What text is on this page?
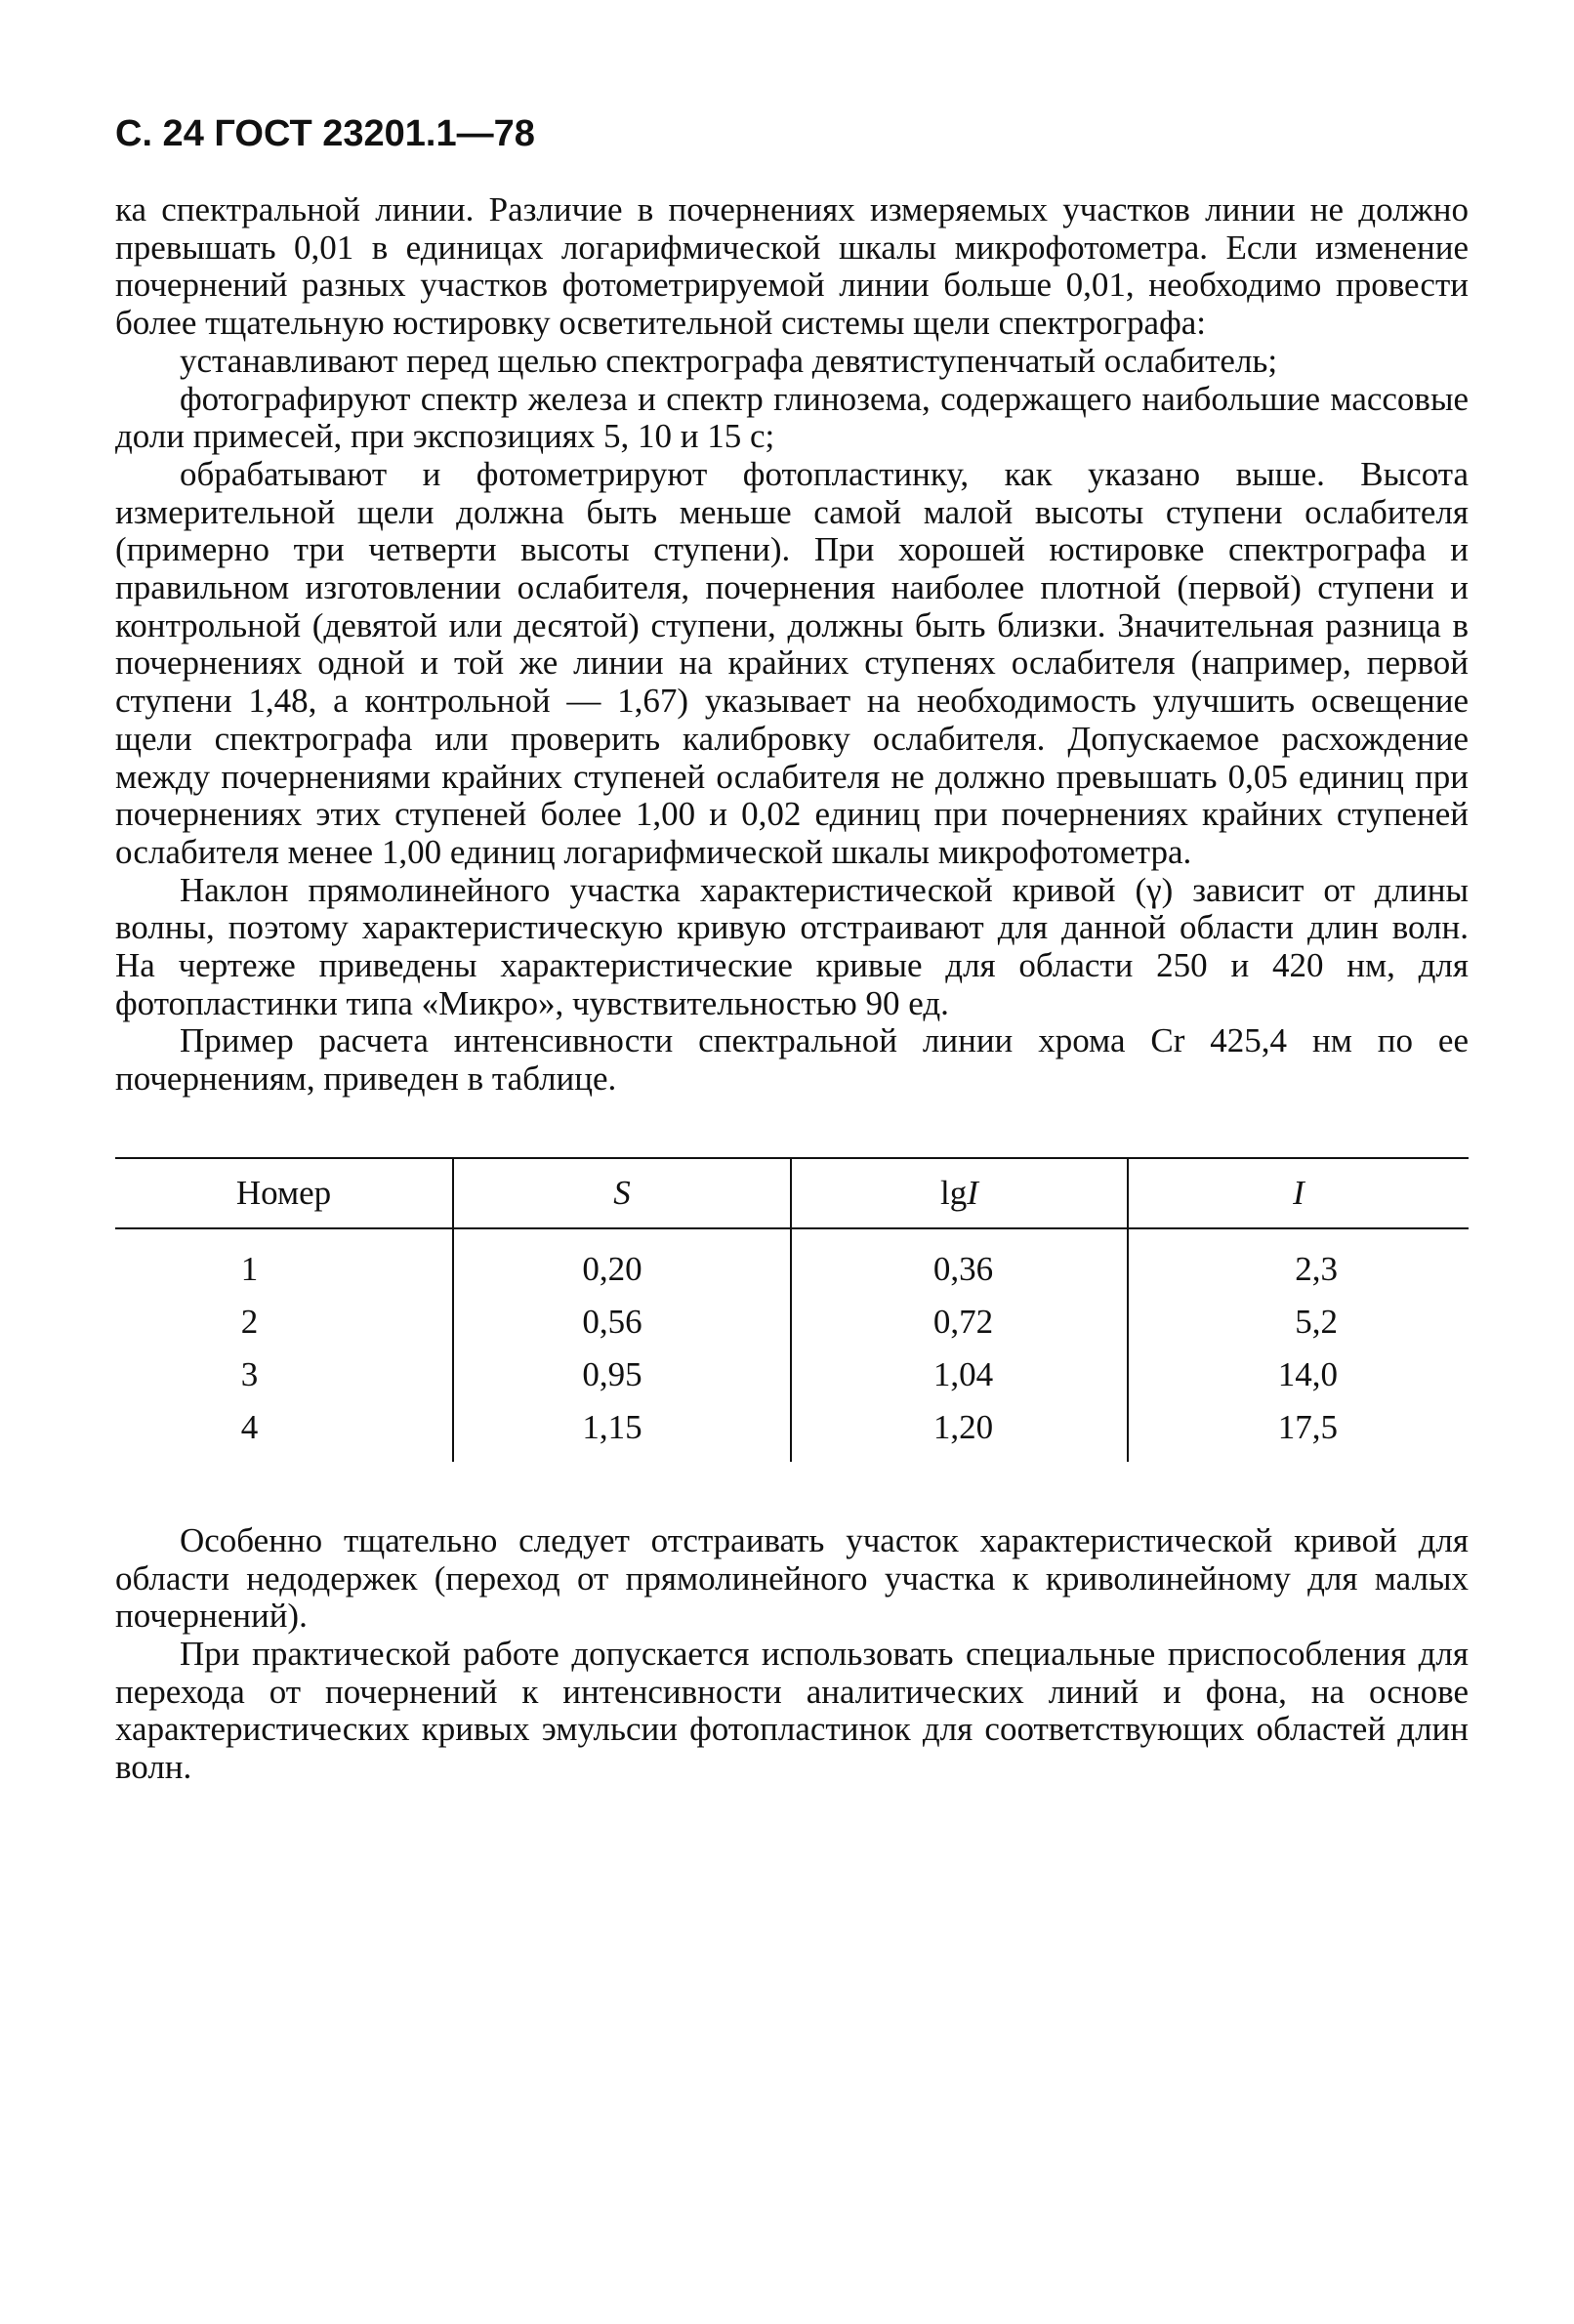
С. 24 ГОСТ 23201.1—78

ка спектральной линии. Различие в почернениях измеряемых участков линии не должно превышать 0,01 в единицах логарифмической шкалы микрофотометра. Если изменение почернений разных участков фотометрируемой линии больше 0,01, необходимо провести более тщательную юстировку осветительной системы щели спектрографа:

устанавливают перед щелью спектрографа девятиступенчатый ослабитель;

фотографируют спектр железа и спектр глинозема, содержащего наибольшие массовые доли примесей, при экспозициях 5, 10 и 15 с;

обрабатывают и фотометрируют фотопластинку, как указано выше. Высота измерительной щели должна быть меньше самой малой высоты ступени ослабителя (примерно три четверти высоты ступени). При хорошей юстировке спектрографа и правильном изготовлении ослабителя, почернения наиболее плотной (первой) ступени и контрольной (девятой или десятой) ступени, должны быть близки. Значительная разница в почернениях одной и той же линии на крайних ступенях ослабителя (например, первой ступени 1,48, а контрольной — 1,67) указывает на необходимость улучшить освещение щели спектрографа или проверить калибровку ослабителя. Допускаемое расхождение между почернениями крайних ступеней ослабителя не должно превышать 0,05 единиц при почернениях этих ступеней более 1,00 и 0,02 единиц при почернениях крайних ступеней ослабителя менее 1,00 единиц логарифмической шкалы микрофотометра.

Наклон прямолинейного участка характеристической кривой (γ) зависит от длины волны, поэтому характеристическую кривую отстраивают для данной области длин волн. На чертеже приведены характеристические кривые для области 250 и 420 нм, для фотопластинки типа «Микро», чувствительностью 90 ед.

Пример расчета интенсивности спектральной линии хрома Cr 425,4 нм по ее почернениям, приведен в таблице.

Номер	S	lgI	I
1	0,20	0,36	2,3
2	0,56	0,72	5,2
3	0,95	1,04	14,0
4	1,15	1,20	17,5

Особенно тщательно следует отстраивать участок характеристической кривой для области недодержек (переход от прямолинейного участка к криволинейному для малых почернений).

При практической работе допускается использовать специальные приспособления для перехода от почернений к интенсивности аналитических линий и фона, на основе характеристических кривых эмульсии фотопластинок для соответствующих областей длин волн.
